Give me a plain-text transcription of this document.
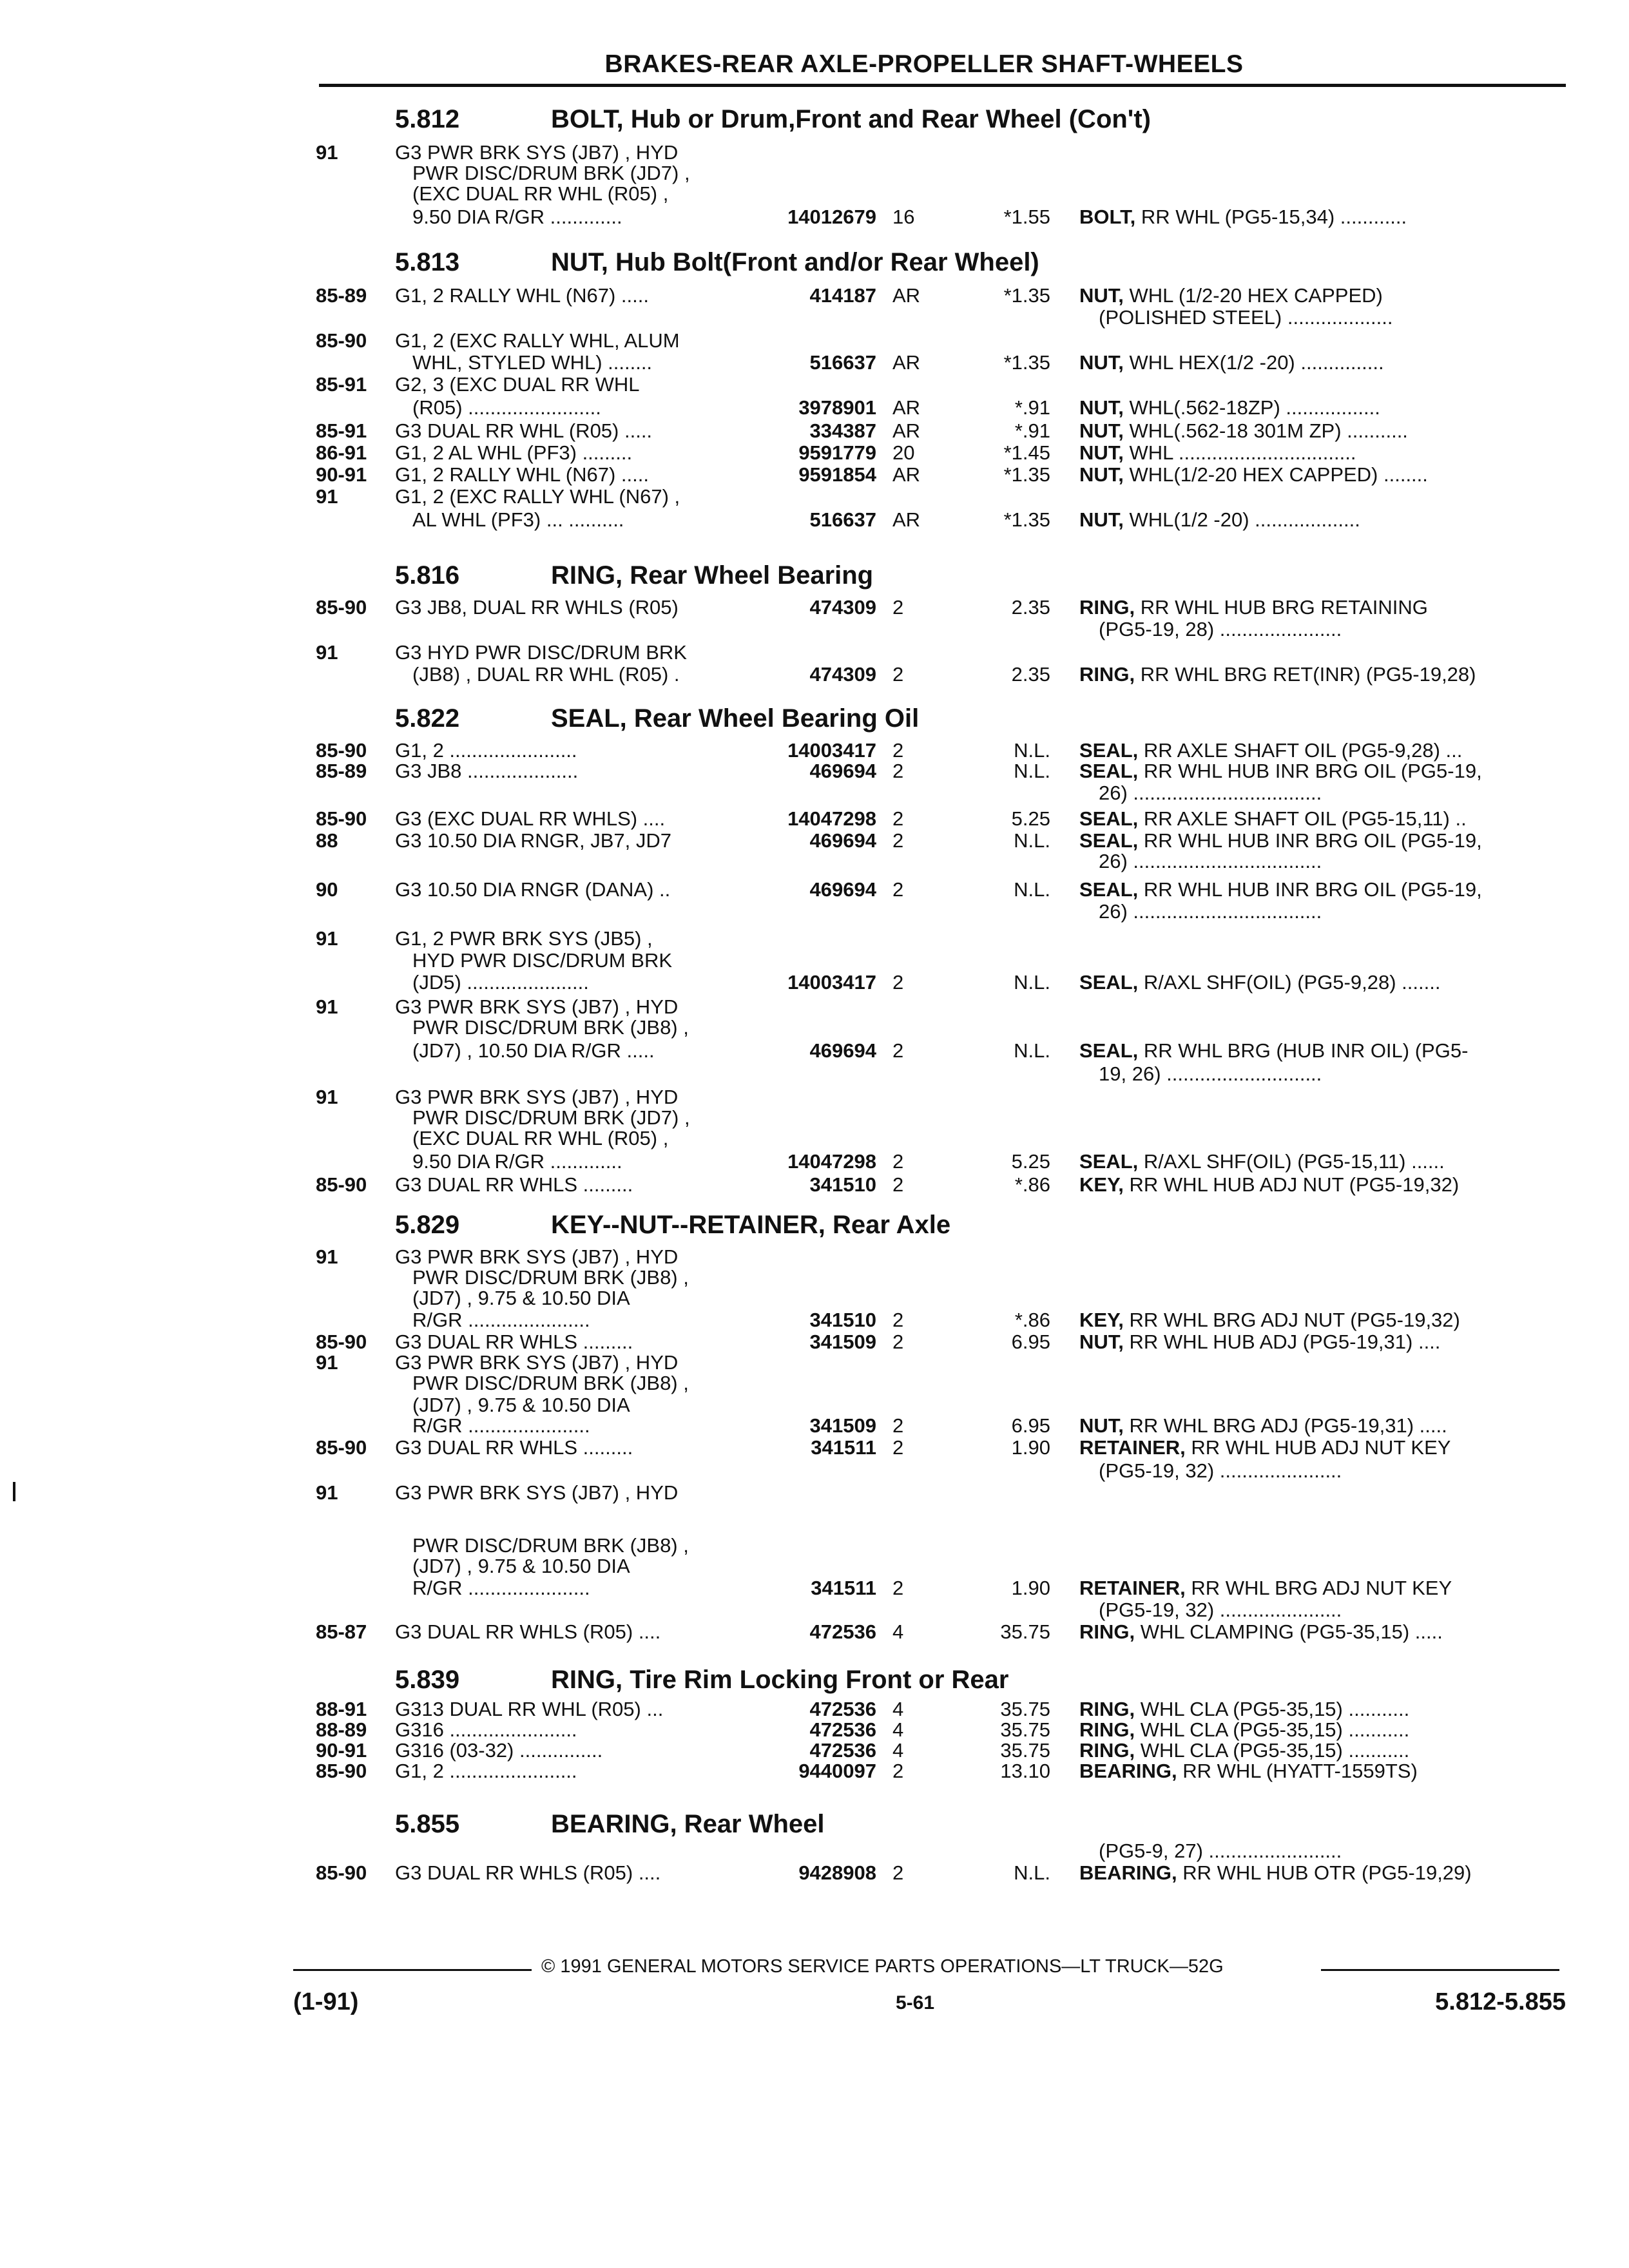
BRAKES-REAR AXLE-PROPELLER SHAFT-WHEELS
5.812	BOLT, Hub or Drum,Front and Rear Wheel (Con't)
5.813	NUT, Hub Bolt(Front and/or Rear Wheel)
5.816	RING, Rear Wheel Bearing
5.822	SEAL, Rear Wheel Bearing Oil
5.829	KEY--NUT--RETAINER, Rear Axle
5.839	RING, Tire Rim Locking Front or Rear
5.855	BEARING, Rear Wheel
91	G3 PWR BRK SYS (JB7) , HYD
PWR DISC/DRUM BRK (JD7) ,
(EXC DUAL RR WHL (R05) ,
9.50 DIA R/GR .............	14012679 16	*1.55 BOLT, RR WHL (PG5-15,34) ............
85-89 G1, 2 RALLY WHL (N67) .....	414187 AR	*1.35 NUT, WHL (1/2-20 HEX CAPPED)
(POLISHED STEEL) ...................
85-90 G1, 2 (EXC RALLY WHL, ALUM
WHL, STYLED WHL) ........	516637 AR	*1.35 NUT, WHL HEX(1/2 -20) ...............
85-91 G2, 3 (EXC DUAL RR WHL
(R05) ........................	3978901 AR	*.91 NUT, WHL(.562-18ZP) .................
85-91 G3 DUAL RR WHL (R05) .....	334387 AR	*.91 NUT, WHL(.562-18 301M ZP) ...........
86-91 G1, 2 AL WHL (PF3) .........	9591779 20	*1.45 NUT, WHL ................................
90-91 G1, 2 RALLY WHL (N67) .....	9591854 AR	*1.35 NUT, WHL(1/2-20 HEX CAPPED) ........
91	G1, 2 (EXC RALLY WHL (N67) ,
AL WHL (PF3) ... ..........	516637 AR	*1.35 NUT, WHL(1/2 -20) ...................
85-90 G3 JB8, DUAL RR WHLS (R05)	474309 2	2.35 RING, RR WHL HUB BRG RETAINING
(PG5-19, 28) ......................
91	G3 HYD PWR DISC/DRUM BRK
(JB8) , DUAL RR WHL (R05) .	474309 2	2.35 RING, RR WHL BRG RET(INR) (PG5-19,28)
85-90 G1, 2 .......................	14003417 2	N.L. SEAL, RR AXLE SHAFT OIL (PG5-9,28) ...
85-89 G3 JB8 ....................	469694 2	N.L. SEAL, RR WHL HUB INR BRG OIL (PG5-19,
26) ..................................
85-90 G3 (EXC DUAL RR WHLS) ....	14047298 2	5.25 SEAL, RR AXLE SHAFT OIL (PG5-15,11) ..
88	G3 10.50 DIA RNGR, JB7, JD7	469694 2	N.L. SEAL, RR WHL HUB INR BRG OIL (PG5-19,
26) ..................................
90	G3 10.50 DIA RNGR (DANA) ..	469694 2	N.L. SEAL, RR WHL HUB INR BRG OIL (PG5-19,
26) ..................................
91	G1, 2 PWR BRK SYS (JB5) ,
HYD PWR DISC/DRUM BRK
(JD5) ......................	14003417 2	N.L. SEAL, R/AXL SHF(OIL) (PG5-9,28) .......
91	G3 PWR BRK SYS (JB7) , HYD
PWR DISC/DRUM BRK (JB8) ,
(JD7) , 10.50 DIA R/GR .....	469694 2	N.L. SEAL, RR WHL BRG (HUB INR OIL) (PG5-
19, 26) ............................
91	G3 PWR BRK SYS (JB7) , HYD
PWR DISC/DRUM BRK (JD7) ,
(EXC DUAL RR WHL (R05) ,
9.50 DIA R/GR .............	14047298 2	5.25 SEAL, R/AXL SHF(OIL) (PG5-15,11) ......
85-90 G3 DUAL RR WHLS .........	341510 2	*.86 KEY, RR WHL HUB ADJ NUT (PG5-19,32)
91	G3 PWR BRK SYS (JB7) , HYD
PWR DISC/DRUM BRK (JB8) ,
(JD7) , 9.75 & 10.50 DIA
R/GR ......................	341510 2	*.86 KEY, RR WHL BRG ADJ NUT (PG5-19,32)
85-90 G3 DUAL RR WHLS .........	341509 2	6.95 NUT, RR WHL HUB ADJ (PG5-19,31) ....
91	G3 PWR BRK SYS (JB7) , HYD
PWR DISC/DRUM BRK (JB8) ,
(JD7) , 9.75 & 10.50 DIA
R/GR ......................	341509 2	6.95 NUT, RR WHL BRG ADJ (PG5-19,31) .....
85-90 G3 DUAL RR WHLS .........	341511 2	1.90 RETAINER, RR WHL HUB ADJ NUT KEY
(PG5-19, 32) ......................
91	G3 PWR BRK SYS (JB7) , HYD
PWR DISC/DRUM BRK (JB8) ,
(JD7) , 9.75 & 10.50 DIA
R/GR ......................	341511 2	1.90 RETAINER, RR WHL BRG ADJ NUT KEY
(PG5-19, 32) ......................
85-87 G3 DUAL RR WHLS (R05) ....	472536 4	35.75 RING, WHL CLAMPING (PG5-35,15) .....
88-91 G313 DUAL RR WHL (R05) ...	472536 4	35.75 RING, WHL CLA (PG5-35,15) ...........
88-89 G316 .......................	472536 4	35.75 RING, WHL CLA (PG5-35,15) ...........
90-91 G316 (03-32) ...............	472536 4	35.75 RING, WHL CLA (PG5-35,15) ...........
85-90 G1, 2 .......................	9440097 2	13.10 BEARING, RR WHL (HYATT-1559TS)
(PG5-9, 27) ........................
85-90 G3 DUAL RR WHLS (R05) ....	9428908 2	N.L. BEARING, RR WHL HUB OTR (PG5-19,29)
© 1991 GENERAL MOTORS SERVICE PARTS OPERATIONS—LT TRUCK—52G
(1-91)	5-61	5.812-5.855
